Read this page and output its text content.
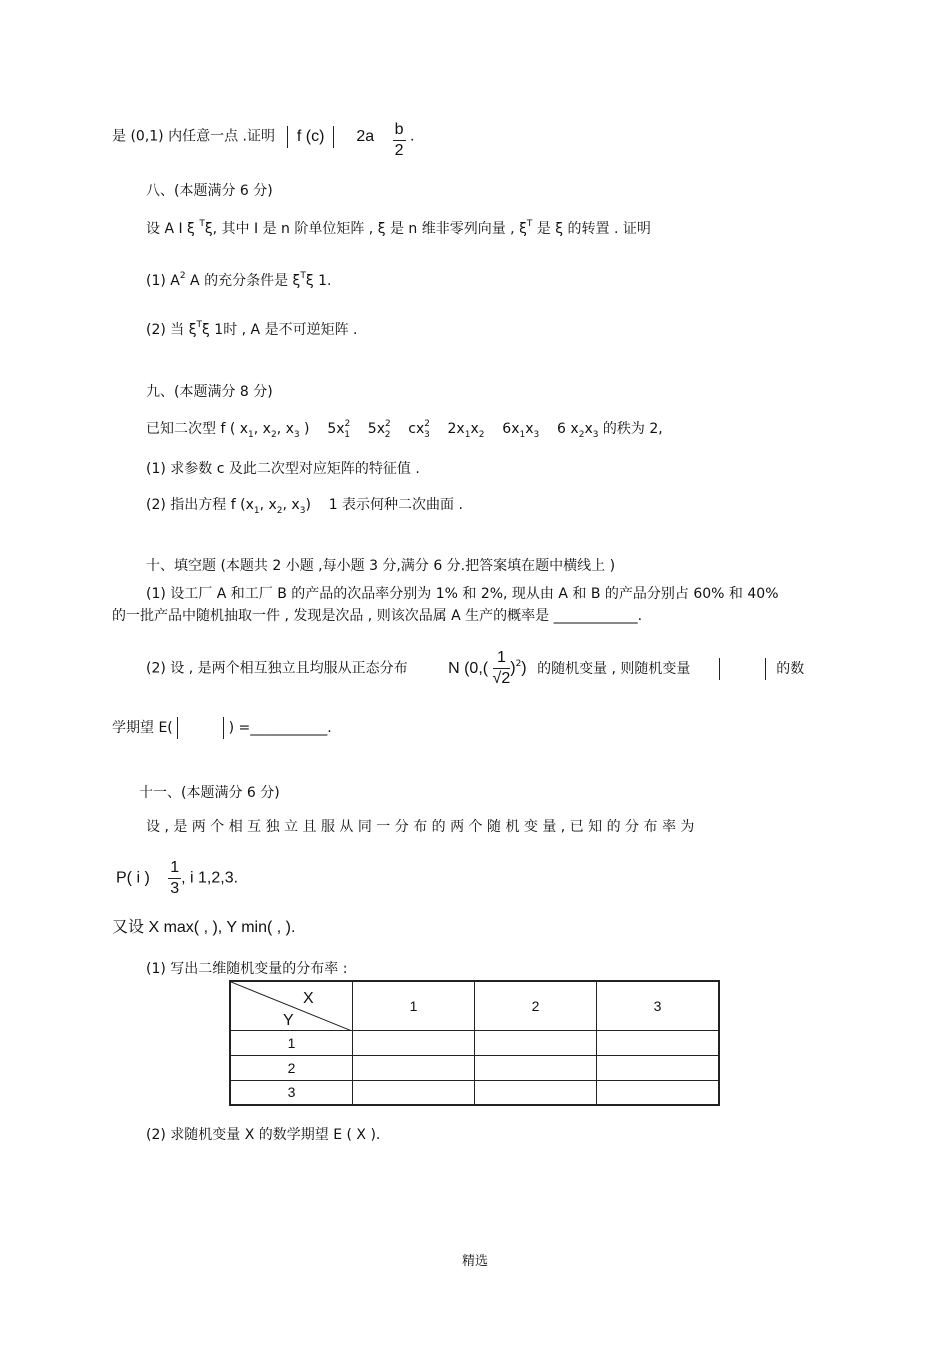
是 (0,1) 内任意一点 .证明 f (c) $2a \frac{b}{2}$ .
八、(本题满分 6 分)
设 A I ξ $^T$ξ, 其中 I 是 n 阶单位矩阵 , ξ 是 n 维非零列向量 , $\xi^T$ 是 ξ 的转置 . 证明
(1) $A^2$ A 的充分条件是 $\xi^T\xi$ 1.
(2) 当 $\xi^T\xi$ 1时 , A 是不可逆矩阵 .
九、(本题满分 8 分)
已知二次型 f ( $x_1$, $x_2$, $x_3$ )    $5x^2_1$    $5x^2_2$    $cx^2_3$    $2x_1x_2$    $6x_1x_3$    6 $x_2x_3$ 的秩为 2,
(1) 求参数 c 及此二次型对应矩阵的特征值 .
(2) 指出方程 f ($x_1$, $x_2$, $x_3$)    1 表示何种二次曲面 .
十、填空题 (本题共 2 小题 ,每小题 3 分,满分 6 分.把答案填在题中横线上 )
(1) 设工厂 A 和工厂 B 的产品的次品率分别为 1% 和 2%, 现从由 A 和 B 的产品分别占 60% 和 40%
的一批产品中随机抽取一件 , 发现是次品 , 则该次品属 A 生产的概率是 ____________.
(2) 设 , 是两个相互独立且均服从正态分布	N $(0,( \frac{1}{√2} )^2)$ 的随机变量 , 则随机变量	的数
学期望 E(	) =___________.
十一、(本题满分 6 分)
设 , 是 两 个 相 互 独 立 且 服 从 同 一 分 布 的 两 个 随 机 变 量 , 已 知 的 分 布 率 为
P( i ) $\frac{1}{3}$ , i 1,2,3.
又设 X max( , ), Y min( , ).
(1) 写出二维随机变量的分布率 :
X
Y	1	2	3
1			
2			
3			
(2) 求随机变量 X 的数学期望 E ( X ).
精选
